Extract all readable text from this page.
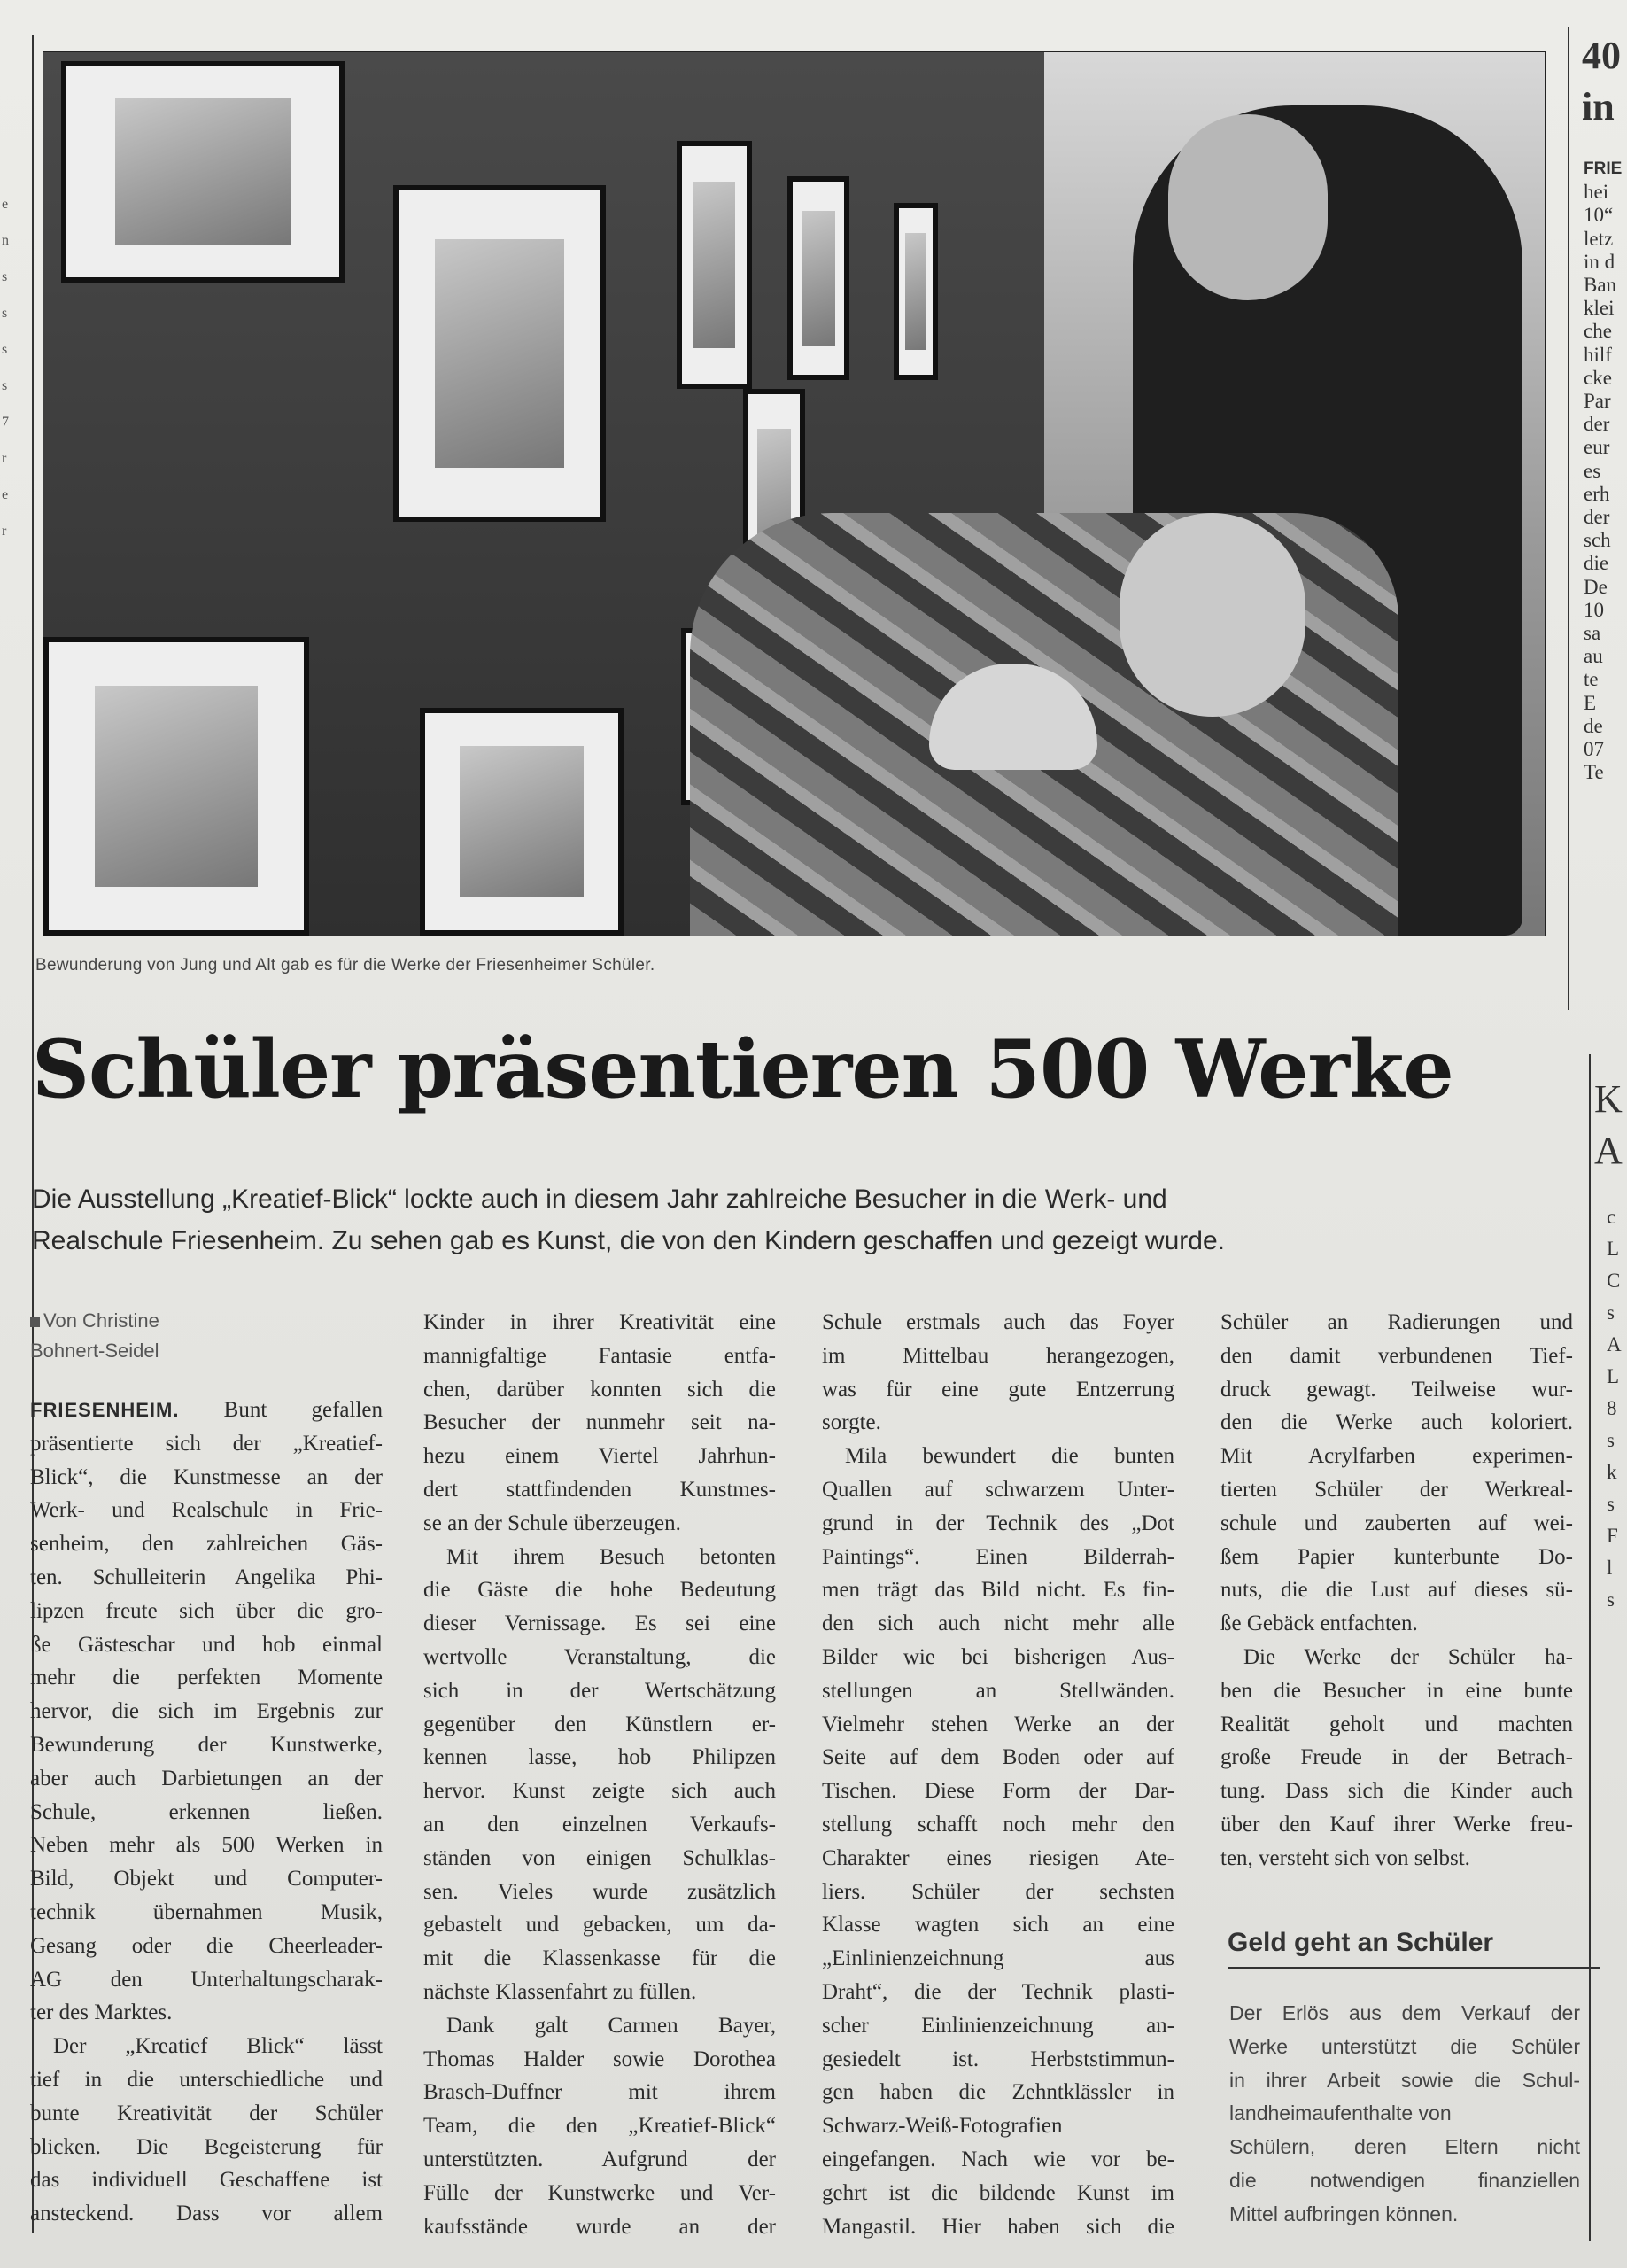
Bewunderung von Jung und Alt gab es für die Werke der Friesenheimer Schüler.
Schüler präsentieren 500 Werke
Die Ausstellung „Kreatief-Blick“ lockte auch in diesem Jahr zahlreiche Besucher in die Werk- und
Realschule Friesenheim. Zu sehen gab es Kunst, die von den Kindern geschaffen und gezeigt wurde.
Von Christine
Bohnert-Seidel
FRIESENHEIM. Bunt gefallen
präsentierte sich der „Kreatief-
Blick“, die Kunstmesse an der
Werk- und Realschule in Frie-
senheim, den zahlreichen Gäs-
ten. Schulleiterin Angelika Phi-
lipzen freute sich über die gro-
ße Gästeschar und hob einmal
mehr die perfekten Momente
hervor, die sich im Ergebnis zur
Bewunderung der Kunstwerke,
aber auch Darbietungen an der
Schule, erkennen ließen.
Neben mehr als 500 Werken in
Bild, Objekt und Computer-
technik übernahmen Musik,
Gesang oder die Cheerleader-
AG den Unterhaltungscharak-
ter des Marktes.
Der „Kreatief Blick“ lässt
tief in die unterschiedliche und
bunte Kreativität der Schüler
blicken. Die Begeisterung für
das individuell Geschaffene ist
ansteckend. Dass vor allem
Kinder in ihrer Kreativität eine
mannigfaltige Fantasie entfa-
chen, darüber konnten sich die
Besucher der nunmehr seit na-
hezu einem Viertel Jahrhun-
dert stattfindenden Kunstmes-
se an der Schule überzeugen.
Mit ihrem Besuch betonten
die Gäste die hohe Bedeutung
dieser Vernissage. Es sei eine
wertvolle Veranstaltung, die
sich in der Wertschätzung
gegenüber den Künstlern er-
kennen lasse, hob Philipzen
hervor. Kunst zeigte sich auch
an den einzelnen Verkaufs-
ständen von einigen Schulklas-
sen. Vieles wurde zusätzlich
gebastelt und gebacken, um da-
mit die Klassenkasse für die
nächste Klassenfahrt zu füllen.
Dank galt Carmen Bayer,
Thomas Halder sowie Dorothea
Brasch-Duffner mit ihrem
Team, die den „Kreatief-Blick“
unterstützten. Aufgrund der
Fülle der Kunstwerke und Ver-
kaufsstände wurde an der
Schule erstmals auch das Foyer
im Mittelbau herangezogen,
was für eine gute Entzerrung
sorgte.
Mila bewundert die bunten
Quallen auf schwarzem Unter-
grund in der Technik des „Dot
Paintings“. Einen Bilderrah-
men trägt das Bild nicht. Es fin-
den sich auch nicht mehr alle
Bilder wie bei bisherigen Aus-
stellungen an Stellwänden.
Vielmehr stehen Werke an der
Seite auf dem Boden oder auf
Tischen. Diese Form der Dar-
stellung schafft noch mehr den
Charakter eines riesigen Ate-
liers. Schüler der sechsten
Klasse wagten sich an eine
„Einlinienzeichnung aus
Draht“, die der Technik plasti-
scher Einlinienzeichnung an-
gesiedelt ist. Herbststimmun-
gen haben die Zehntklässler in
Schwarz-Weiß-Fotografien
eingefangen. Nach wie vor be-
gehrt ist die bildende Kunst im
Mangastil. Hier haben sich die
Schüler an Radierungen und
den damit verbundenen Tief-
druck gewagt. Teilweise wur-
den die Werke auch koloriert.
Mit Acrylfarben experimen-
tierten Schüler der Werkreal-
schule und zauberten auf wei-
ßem Papier kunterbunte Do-
nuts, die die Lust auf dieses sü-
ße Gebäck entfachten.
Die Werke der Schüler ha-
ben die Besucher in eine bunte
Realität geholt und machten
große Freude in der Betrach-
tung. Dass sich die Kinder auch
über den Kauf ihrer Werke freu-
ten, versteht sich von selbst.
Geld geht an Schüler
Der Erlös aus dem Verkauf der
Werke unterstützt die Schüler
in ihrer Arbeit sowie die Schul-
landheimaufenthalte von
Schülern, deren Eltern nicht
die notwendigen finanziellen
Mittel aufbringen können.
40
in
FRIE
hei
10“
letz
in d
Ban
klei
che
hilf
cke
Par
der
eur
es
erh
der
sch
die
De
10
sa
au
te
E
de
07
Te
K
A
c
L
C
s
A
L
8
s
k
s
F
l
s
e
n
s
s
s
s
7
r
e
r
